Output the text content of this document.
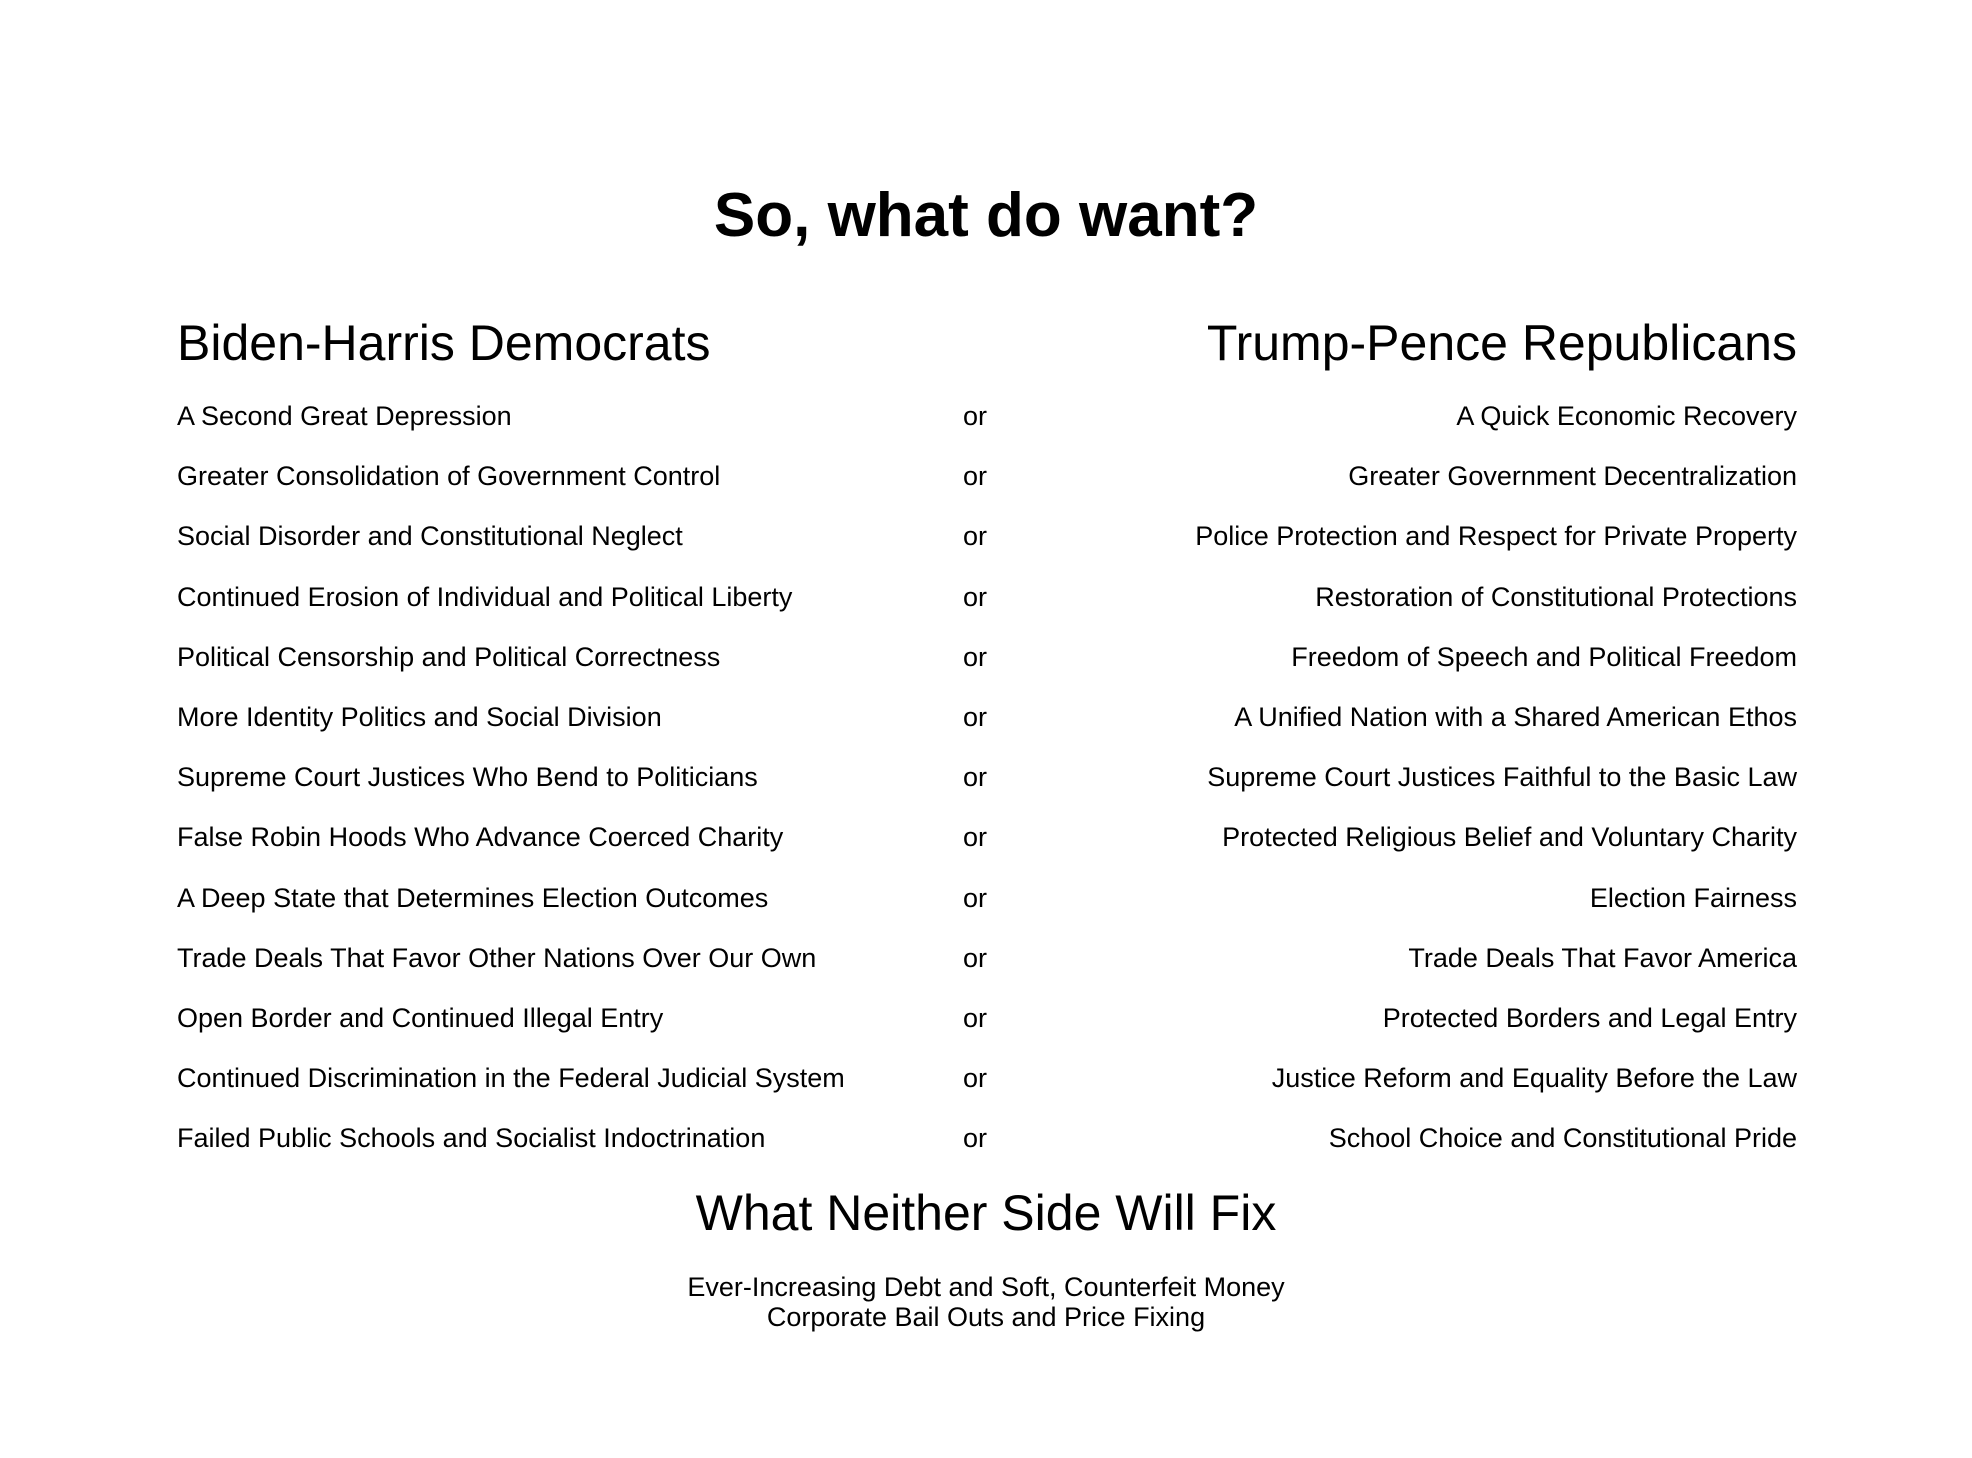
So, what do want?
Biden-Harris Democrats	Trump-Pence Republicans
A Second Great Depression	or	A Quick Economic Recovery
Greater Consolidation of Government Control	or	Greater Government Decentralization
Social Disorder and Constitutional Neglect	or	Police Protection and Respect for Private Property
Continued Erosion of Individual and Political Liberty	or	Restoration of Constitutional Protections
Political Censorship and Political Correctness	or	Freedom of Speech and Political Freedom
More Identity Politics and Social Division	or	A Unified Nation with a Shared American Ethos
Supreme Court Justices Who Bend to Politicians	or	Supreme Court Justices Faithful to the Basic Law
False Robin Hoods Who Advance Coerced Charity	or	Protected Religious Belief and Voluntary Charity
A Deep State that Determines Election Outcomes	or	Election Fairness
Trade Deals That Favor Other Nations Over Our Own	or	Trade Deals That Favor America
Open Border and Continued Illegal Entry	or	Protected Borders and Legal Entry
Continued Discrimination in the Federal Judicial System	or	Justice Reform and Equality Before the Law
Failed Public Schools and Socialist Indoctrination	or	School Choice and Constitutional Pride
What Neither Side Will Fix
Ever-Increasing Debt and Soft, Counterfeit Money
Corporate Bail Outs and Price Fixing
